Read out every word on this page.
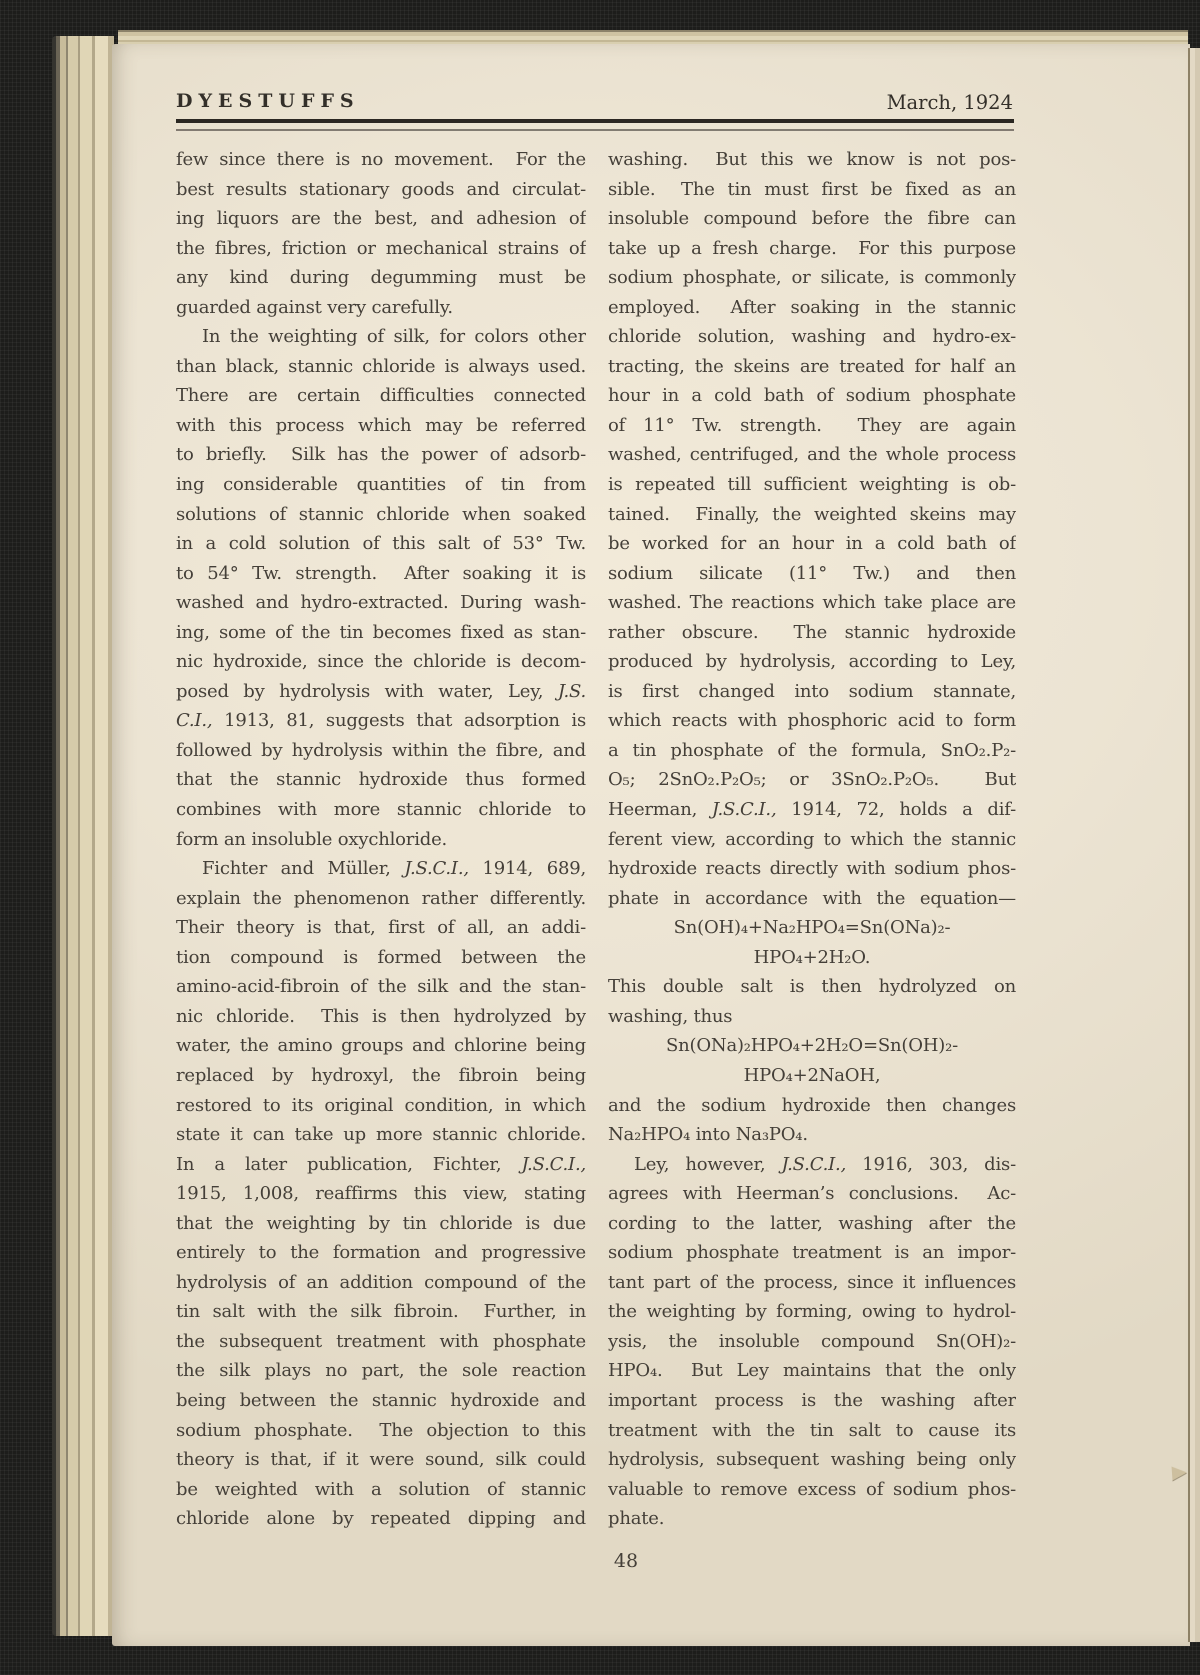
DYESTUFFS	March, 1924
few since there is no movement.  For the
best results stationary goods and circulat-
ing liquors are the best, and adhesion of
the fibres, friction or mechanical strains of
any kind during degumming must be
guarded against very carefully.
In the weighting of silk, for colors other
than black, stannic chloride is always used.
There are certain difficulties connected
with this process which may be referred
to briefly.  Silk has the power of adsorb-
ing considerable quantities of tin from
solutions of stannic chloride when soaked
in a cold solution of this salt of 53° Tw.
to 54° Tw. strength.  After soaking it is
washed and hydro-extracted. During wash-
ing, some of the tin becomes fixed as stan-
nic hydroxide, since the chloride is decom-
posed by hydrolysis with water, Ley, J.S.
C.I., 1913, 81, suggests that adsorption is
followed by hydrolysis within the fibre, and
that the stannic hydroxide thus formed
combines with more stannic chloride to
form an insoluble oxychloride.
Fichter and Müller, J.S.C.I., 1914, 689,
explain the phenomenon rather differently.
Their theory is that, first of all, an addi-
tion compound is formed between the
amino-acid-fibroin of the silk and the stan-
nic chloride.  This is then hydrolyzed by
water, the amino groups and chlorine being
replaced by hydroxyl, the fibroin being
restored to its original condition, in which
state it can take up more stannic chloride.
In a later publication, Fichter, J.S.C.I.,
1915, 1,008, reaffirms this view, stating
that the weighting by tin chloride is due
entirely to the formation and progressive
hydrolysis of an addition compound of the
tin salt with the silk fibroin.  Further, in
the subsequent treatment with phosphate
the silk plays no part, the sole reaction
being between the stannic hydroxide and
sodium phosphate.  The objection to this
theory is that, if it were sound, silk could
be weighted with a solution of stannic
chloride alone by repeated dipping and
washing.  But this we know is not pos-
sible.  The tin must first be fixed as an
insoluble compound before the fibre can
take up a fresh charge.  For this purpose
sodium phosphate, or silicate, is commonly
employed.  After soaking in the stannic
chloride solution, washing and hydro-ex-
tracting, the skeins are treated for half an
hour in a cold bath of sodium phosphate
of 11° Tw. strength.  They are again
washed, centrifuged, and the whole process
is repeated till sufficient weighting is ob-
tained.  Finally, the weighted skeins may
be worked for an hour in a cold bath of
sodium silicate (11° Tw.) and then
washed. The reactions which take place are
rather obscure.  The stannic hydroxide
produced by hydrolysis, according to Ley,
is first changed into sodium stannate,
which reacts with phosphoric acid to form
a tin phosphate of the formula, SnO₂.P₂-
O₅; 2SnO₂.P₂O₅; or 3SnO₂.P₂O₅.  But
Heerman, J.S.C.I., 1914, 72, holds a dif-
ferent view, according to which the stannic
hydroxide reacts directly with sodium phos-
phate in accordance with the equation—
Sn(OH)₄+Na₂HPO₄=Sn(ONa)₂-
HPO₄+2H₂O.
This double salt is then hydrolyzed on
washing, thus
Sn(ONa)₂HPO₄+2H₂O=Sn(OH)₂-
HPO₄+2NaOH,
and the sodium hydroxide then changes
Na₂HPO₄ into Na₃PO₄.
Ley, however, J.S.C.I., 1916, 303, dis-
agrees with Heerman’s conclusions.  Ac-
cording to the latter, washing after the
sodium phosphate treatment is an impor-
tant part of the process, since it influences
the weighting by forming, owing to hydrol-
ysis, the insoluble compound Sn(OH)₂-
HPO₄.  But Ley maintains that the only
important process is the washing after
treatment with the tin salt to cause its
hydrolysis, subsequent washing being only
valuable to remove excess of sodium phos-
phate.
48
